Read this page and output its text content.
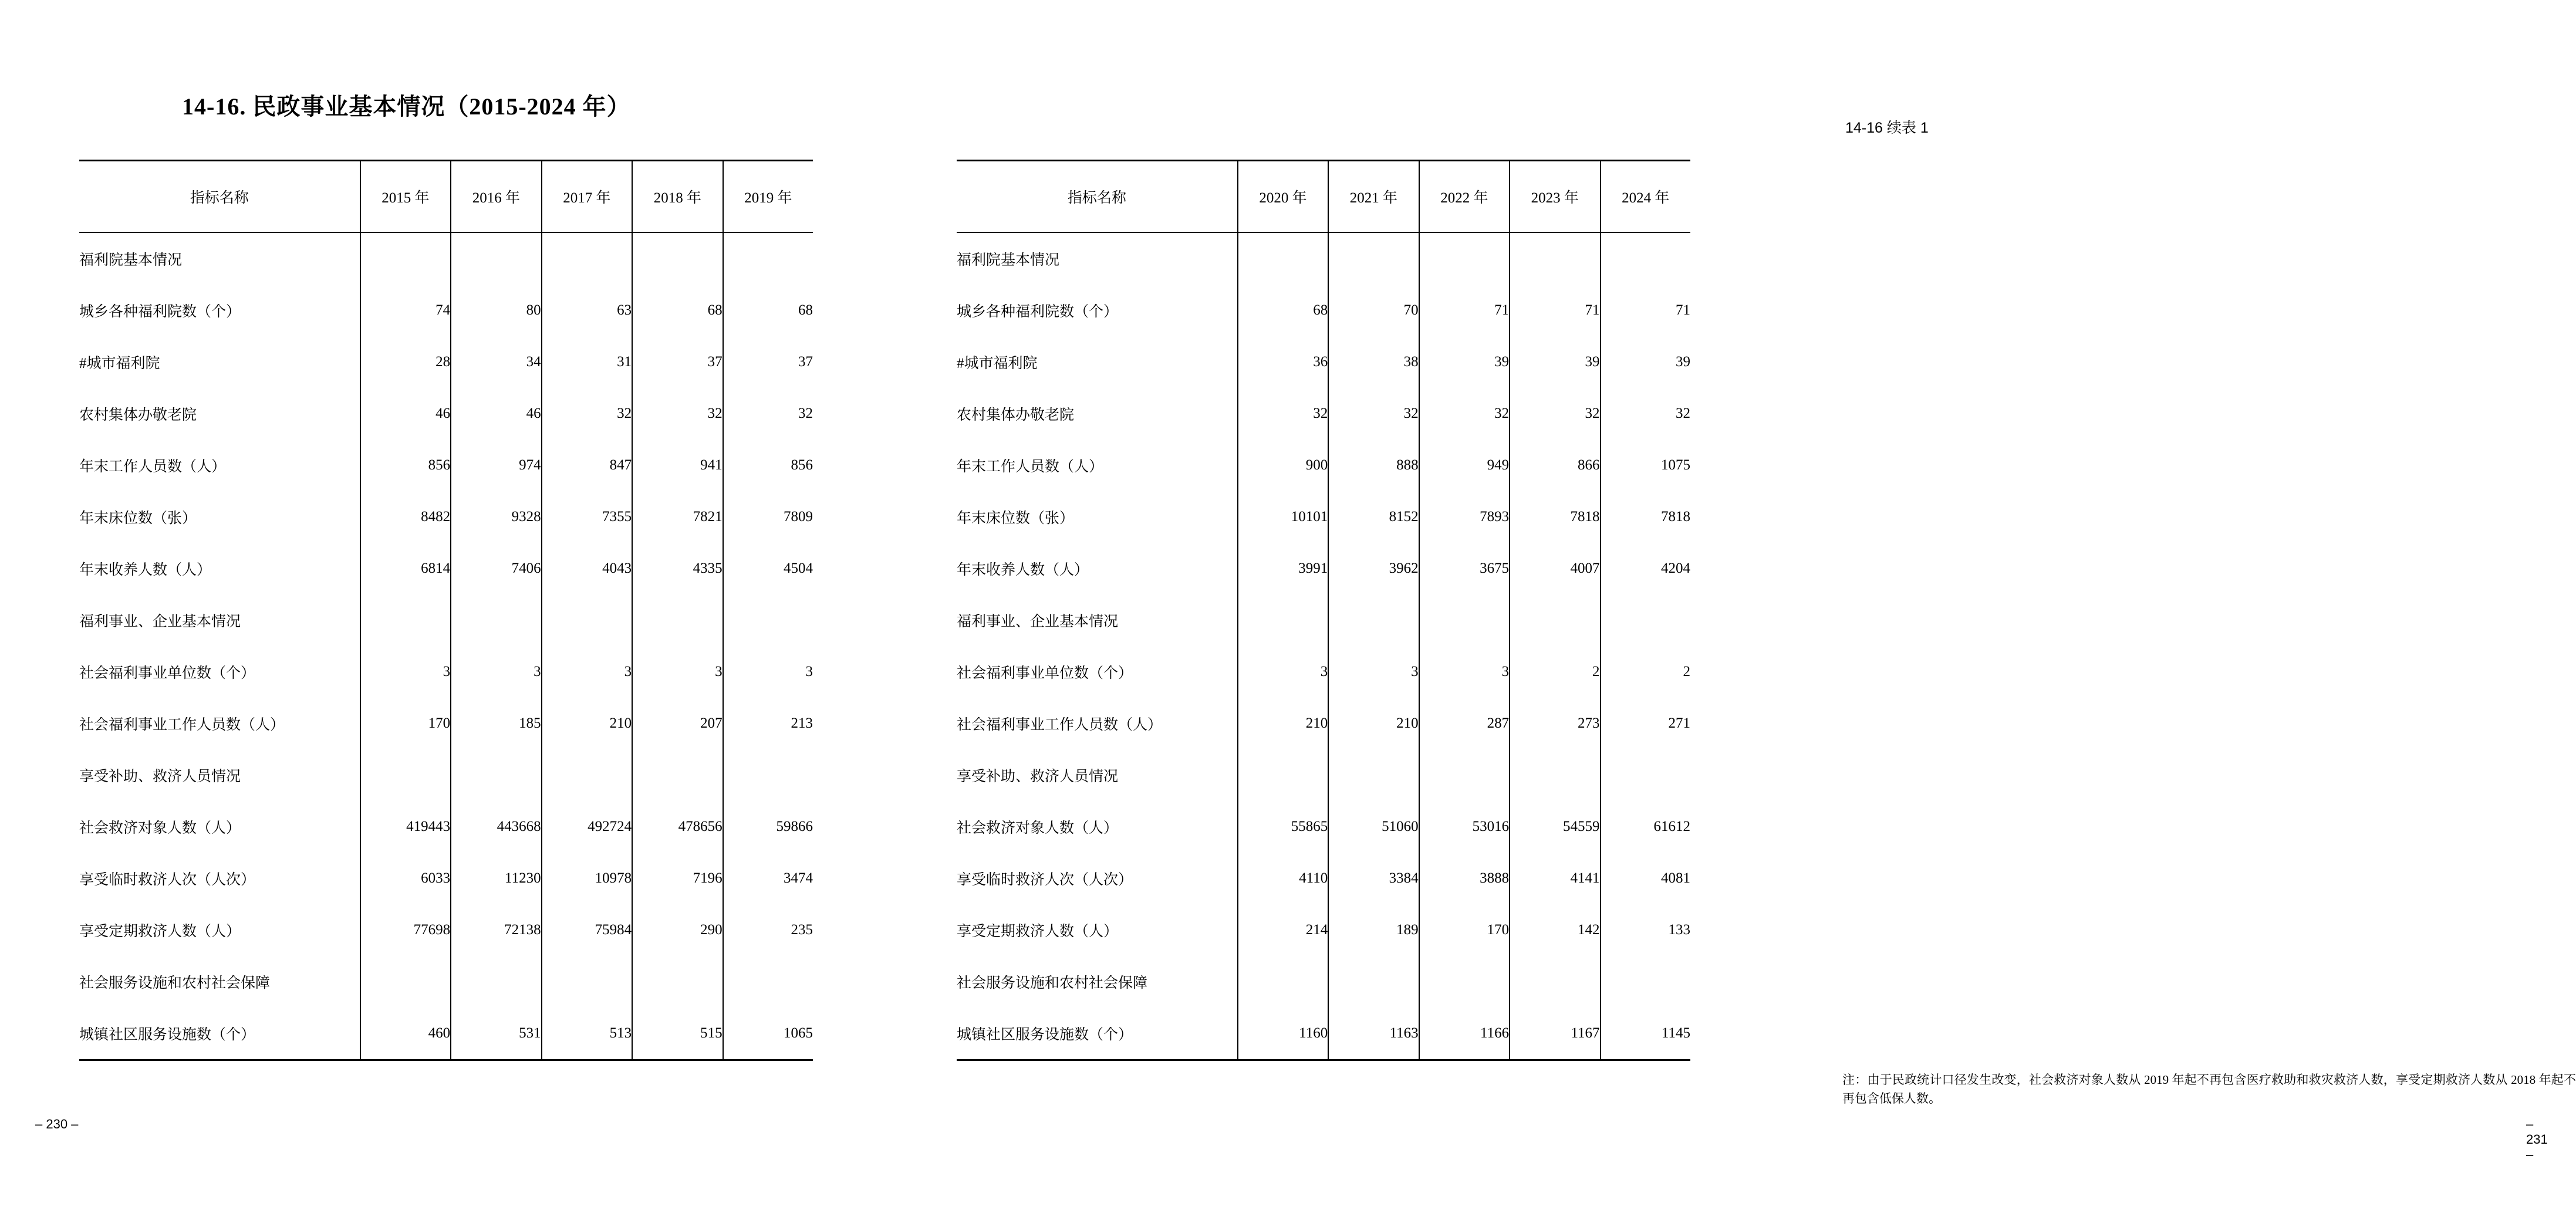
14-16. 民政事业基本情况（2015-2024 年）
– 230 –
14-16 续表 1
注：由于民政统计口径发生改变，社会救济对象人数从 2019 年起不再包含医疗救助和救灾救济人数，享受定期救济人数从 2018 年起不再包含低保人数。
– 231 –

指标名称	2015 年	2016 年	2017 年	2018 年	2019 年
福利院基本情况					
城乡各种福利院数（个）	74	80	63	68	68
#城市福利院	28	34	31	37	37
农村集体办敬老院	46	46	32	32	32
年末工作人员数（人）	856	974	847	941	856
年末床位数（张）	8482	9328	7355	7821	7809
年末收养人数（人）	6814	7406	4043	4335	4504
福利事业、企业基本情况					
社会福利事业单位数（个）	3	3	3	3	3
社会福利事业工作人员数（人）	170	185	210	207	213
享受补助、救济人员情况					
社会救济对象人数（人）	419443	443668	492724	478656	59866
享受临时救济人次（人次）	6033	11230	10978	7196	3474
享受定期救济人数（人）	77698	72138	75984	290	235
社会服务设施和农村社会保障					
城镇社区服务设施数（个）	460	531	513	515	1065

指标名称	2020 年	2021 年	2022 年	2023 年	2024 年
福利院基本情况					
城乡各种福利院数（个）	68	70	71	71	71
#城市福利院	36	38	39	39	39
农村集体办敬老院	32	32	32	32	32
年末工作人员数（人）	900	888	949	866	1075
年末床位数（张）	10101	8152	7893	7818	7818
年末收养人数（人）	3991	3962	3675	4007	4204
福利事业、企业基本情况					
社会福利事业单位数（个）	3	3	3	2	2
社会福利事业工作人员数（人）	210	210	287	273	271
享受补助、救济人员情况					
社会救济对象人数（人）	55865	51060	53016	54559	61612
享受临时救济人次（人次）	4110	3384	3888	4141	4081
享受定期救济人数（人）	214	189	170	142	133
社会服务设施和农村社会保障					
城镇社区服务设施数（个）	1160	1163	1166	1167	1145
